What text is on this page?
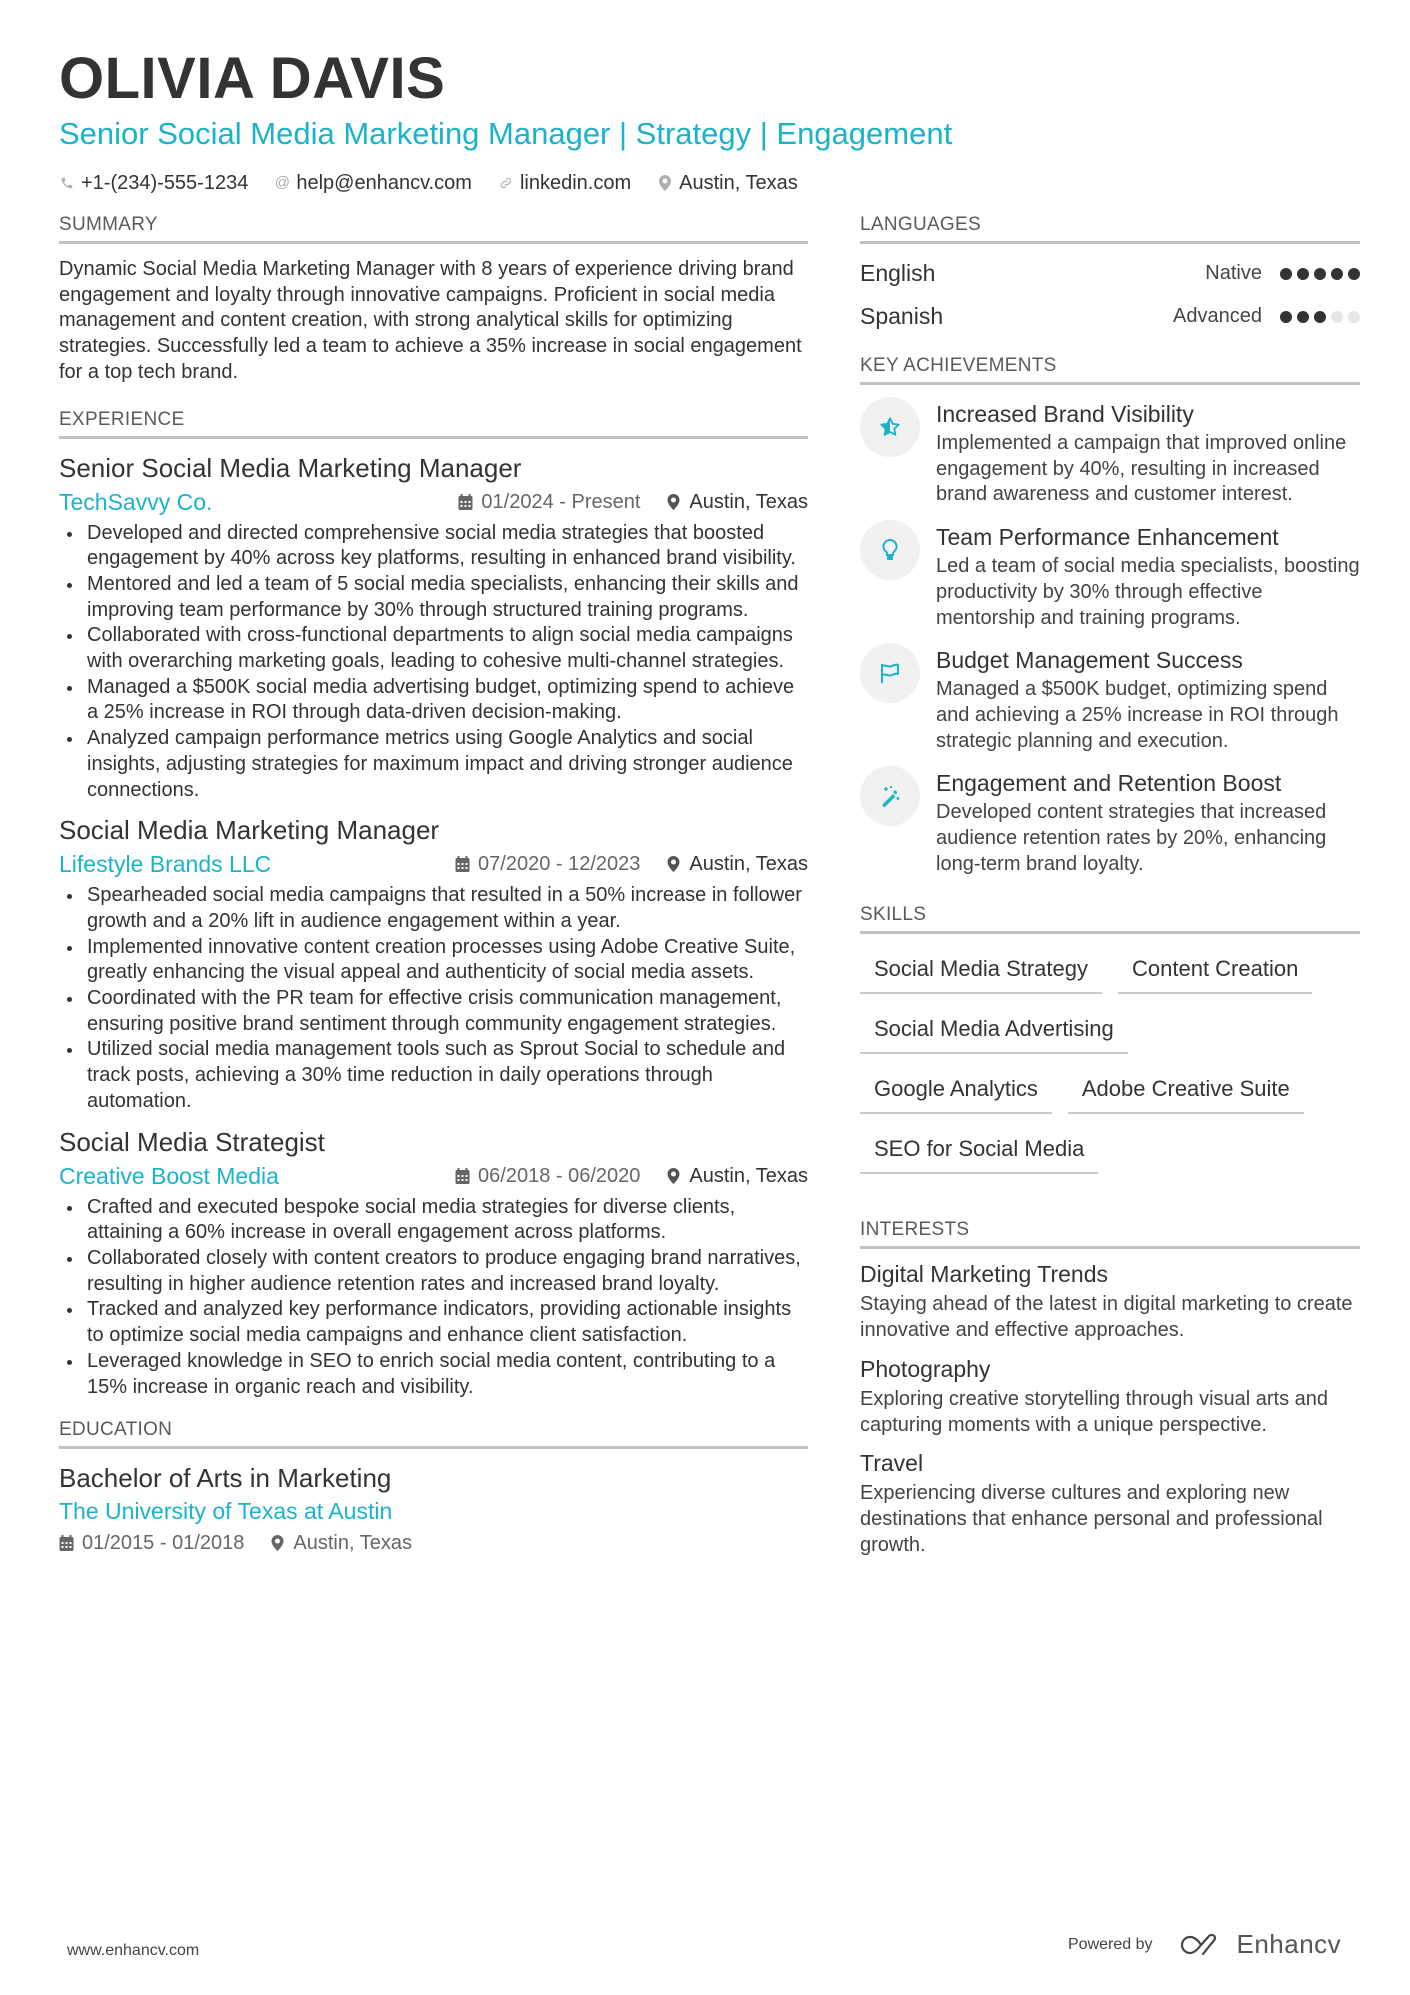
OLIVIA DAVIS
Senior Social Media Marketing Manager | Strategy | Engagement
+1-(234)-555-1234 @ help@enhancv.com linkedin.com Austin, Texas
SUMMARY
Dynamic Social Media Marketing Manager with 8 years of experience driving brand engagement and loyalty through innovative campaigns. Proficient in social media management and content creation, with strong analytical skills for optimizing strategies. Successfully led a team to achieve a 35% increase in social engagement for a top tech brand.
EXPERIENCE
Senior Social Media Marketing Manager
TechSavvy Co.	01/2024 - Present Austin, Texas
Developed and directed comprehensive social media strategies that boosted engagement by 40% across key platforms, resulting in enhanced brand visibility.
Mentored and led a team of 5 social media specialists, enhancing their skills and improving team performance by 30% through structured training programs.
Collaborated with cross-functional departments to align social media campaigns with overarching marketing goals, leading to cohesive multi-channel strategies.
Managed a $500K social media advertising budget, optimizing spend to achieve a 25% increase in ROI through data-driven decision-making.
Analyzed campaign performance metrics using Google Analytics and social insights, adjusting strategies for maximum impact and driving stronger audience connections.
Social Media Marketing Manager
Lifestyle Brands LLC	07/2020 - 12/2023 Austin, Texas
Spearheaded social media campaigns that resulted in a 50% increase in follower growth and a 20% lift in audience engagement within a year.
Implemented innovative content creation processes using Adobe Creative Suite, greatly enhancing the visual appeal and authenticity of social media assets.
Coordinated with the PR team for effective crisis communication management, ensuring positive brand sentiment through community engagement strategies.
Utilized social media management tools such as Sprout Social to schedule and track posts, achieving a 30% time reduction in daily operations through automation.
Social Media Strategist
Creative Boost Media	06/2018 - 06/2020 Austin, Texas
Crafted and executed bespoke social media strategies for diverse clients, attaining a 60% increase in overall engagement across platforms.
Collaborated closely with content creators to produce engaging brand narratives, resulting in higher audience retention rates and increased brand loyalty.
Tracked and analyzed key performance indicators, providing actionable insights to optimize social media campaigns and enhance client satisfaction.
Leveraged knowledge in SEO to enrich social media content, contributing to a 15% increase in organic reach and visibility.
EDUCATION
Bachelor of Arts in Marketing
The University of Texas at Austin
01/2015 - 01/2018 Austin, Texas
LANGUAGES
English	Native
Spanish	Advanced
KEY ACHIEVEMENTS
Increased Brand Visibility
Implemented a campaign that improved online engagement by 40%, resulting in increased brand awareness and customer interest.
Team Performance Enhancement
Led a team of social media specialists, boosting productivity by 30% through effective mentorship and training programs.
Budget Management Success
Managed a $500K budget, optimizing spend and achieving a 25% increase in ROI through strategic planning and execution.
Engagement and Retention Boost
Developed content strategies that increased audience retention rates by 20%, enhancing long-term brand loyalty.
SKILLS
Social Media Strategy	Content Creation
Social Media Advertising
Google Analytics	Adobe Creative Suite
SEO for Social Media
INTERESTS
Digital Marketing Trends
Staying ahead of the latest in digital marketing to create innovative and effective approaches.
Photography
Exploring creative storytelling through visual arts and capturing moments with a unique perspective.
Travel
Experiencing diverse cultures and exploring new destinations that enhance personal and professional growth.
www.enhancv.com	Powered by	Enhancv
